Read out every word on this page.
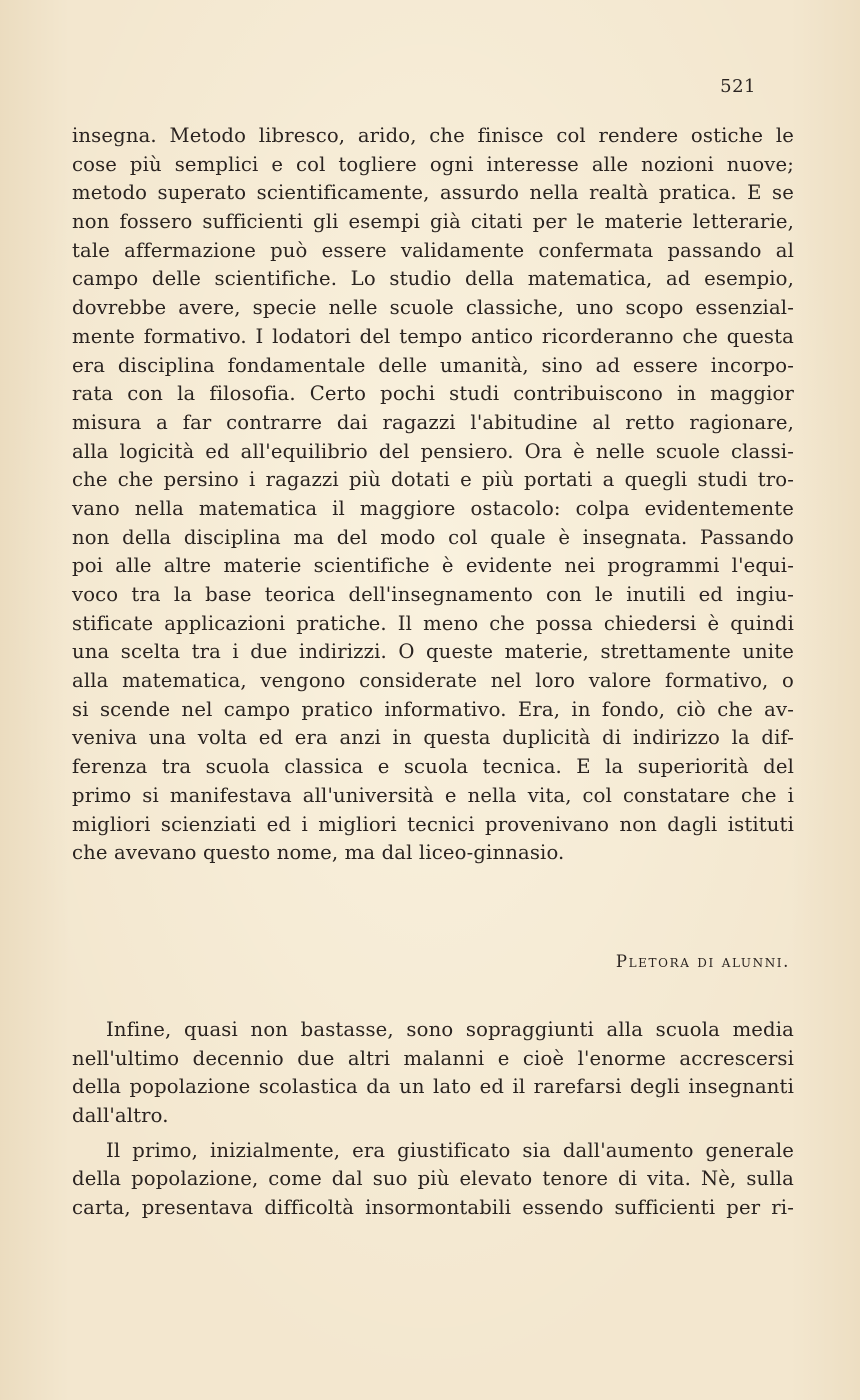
521
insegna. Metodo libresco, arido, che finisce col rendere ostiche le
cose più semplici e col togliere ogni interesse alle nozioni nuove;
metodo superato scientificamente, assurdo nella realtà pratica. E se
non fossero sufficienti gli esempi già citati per le materie letterarie,
tale affermazione può essere validamente confermata passando al
campo delle scientifiche. Lo studio della matematica, ad esempio,
dovrebbe avere, specie nelle scuole classiche, uno scopo essenzial-
mente formativo. I lodatori del tempo antico ricorderanno che questa
era disciplina fondamentale delle umanità, sino ad essere incorpo-
rata con la filosofia. Certo pochi studi contribuiscono in maggior
misura a far contrarre dai ragazzi l'abitudine al retto ragionare,
alla logicità ed all'equilibrio del pensiero. Ora è nelle scuole classi-
che che persino i ragazzi più dotati e più portati a quegli studi tro-
vano nella matematica il maggiore ostacolo: colpa evidentemente
non della disciplina ma del modo col quale è insegnata. Passando
poi alle altre materie scientifiche è evidente nei programmi l'equi-
voco tra la base teorica dell'insegnamento con le inutili ed ingiu-
stificate applicazioni pratiche. Il meno che possa chiedersi è quindi
una scelta tra i due indirizzi. O queste materie, strettamente unite
alla matematica, vengono considerate nel loro valore formativo, o
si scende nel campo pratico informativo. Era, in fondo, ciò che av-
veniva una volta ed era anzi in questa duplicità di indirizzo la dif-
ferenza tra scuola classica e scuola tecnica. E la superiorità del
primo si manifestava all'università e nella vita, col constatare che i
migliori scienziati ed i migliori tecnici provenivano non dagli istituti
che avevano questo nome, ma dal liceo-ginnasio.
Pletora di alunni.
Infine, quasi non bastasse, sono sopraggiunti alla scuola media
nell'ultimo decennio due altri malanni e cioè l'enorme accrescersi
della popolazione scolastica da un lato ed il rarefarsi degli insegnanti
dall'altro.
Il primo, inizialmente, era giustificato sia dall'aumento generale
della popolazione, come dal suo più elevato tenore di vita. Nè, sulla
carta, presentava difficoltà insormontabili essendo sufficienti per ri-
